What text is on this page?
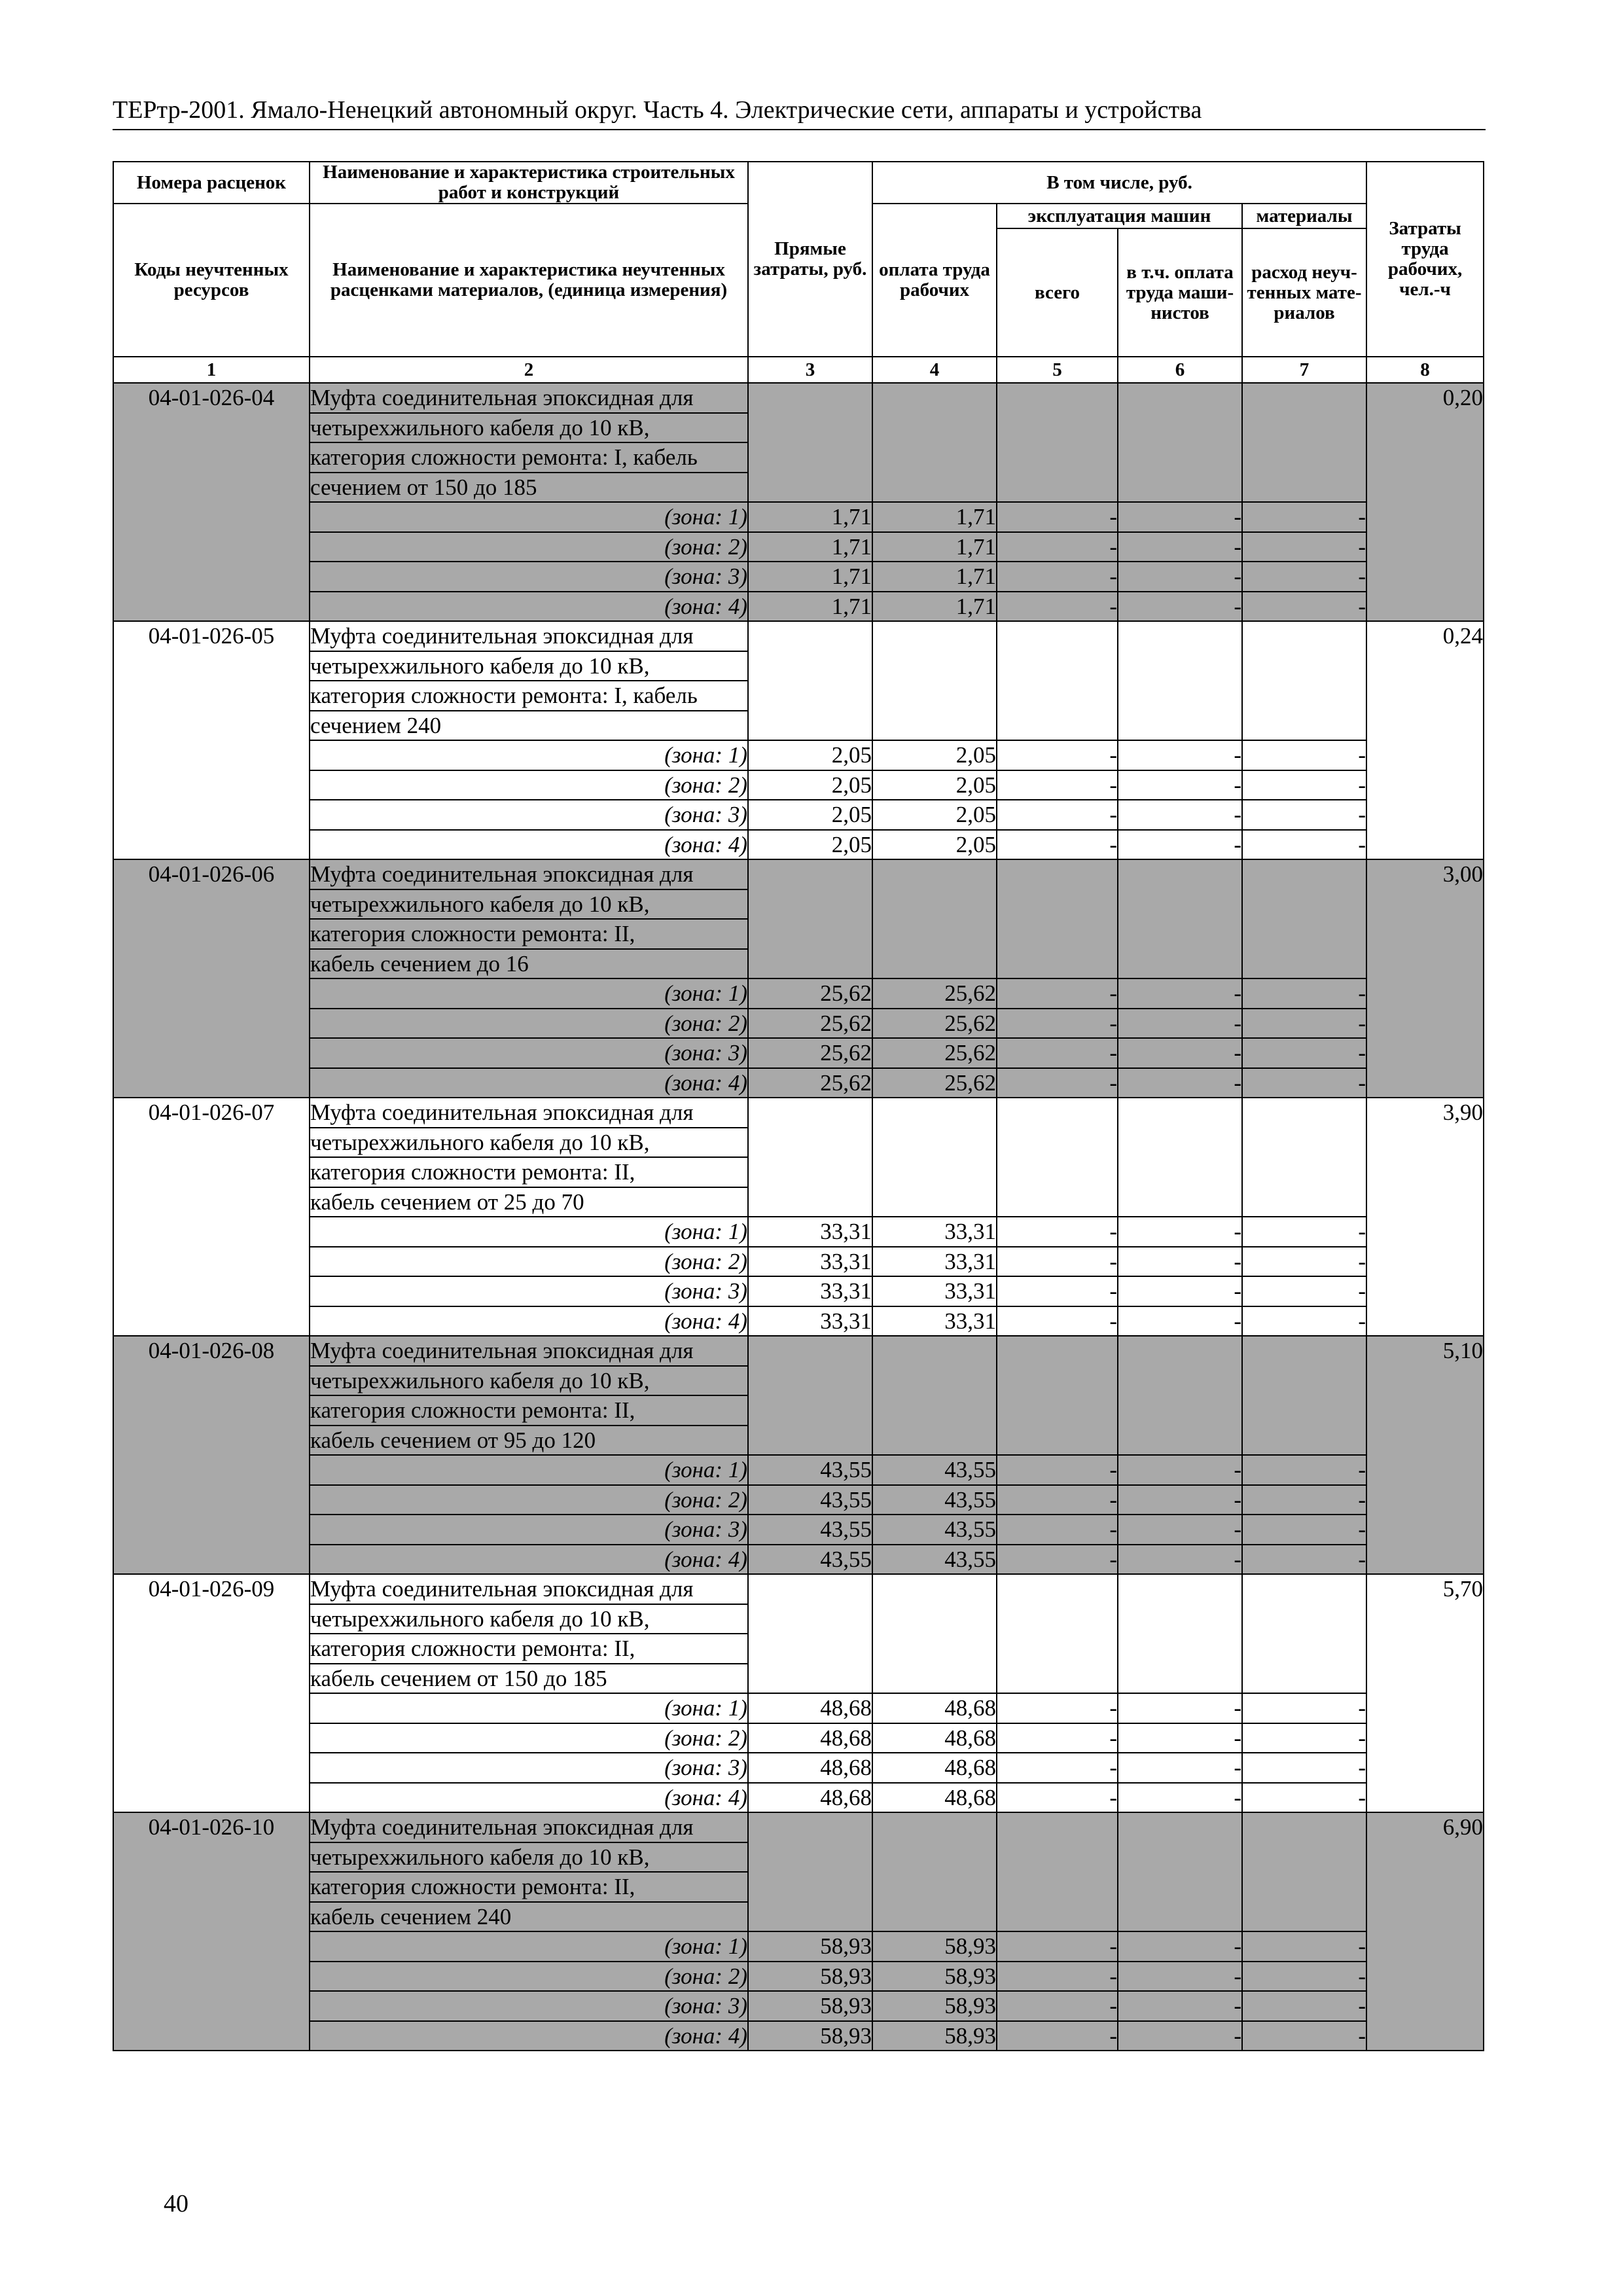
ТЕРтр-2001. Ямало-Ненецкий автономный округ. Часть 4. Электрические сети, аппараты и устройства
Номера расценок	Наименование и характеристика строительных работ и конструкций	Прямые затраты, руб.	В том числе, руб.				Затраты труда рабочих, чел.-ч
Коды неучтенных ресурсов	Наименование и характеристика неучтенных расценками материалов, (единица измерения)		оплата труда рабочих	эксплуатация машин		материалы	
				всего	в т.ч. оплата труда маши-нистов	расход неуч-тенных мате-риалов	
1	2	3	4	5	6	7	8
04-01-026-04	Муфта соединительная эпоксидная для						0,20
	четырехжильного кабеля до 10 кВ,						
	категория сложности ремонта: I, кабель						
	сечением от 150 до 185						
	(зона: 1)	1,71	1,71	-	-	-	
	(зона: 2)	1,71	1,71	-	-	-	
	(зона: 3)	1,71	1,71	-	-	-	
	(зона: 4)	1,71	1,71	-	-	-	
04-01-026-05	Муфта соединительная эпоксидная для						0,24
	четырехжильного кабеля до 10 кВ,						
	категория сложности ремонта: I, кабель						
	сечением 240						
	(зона: 1)	2,05	2,05	-	-	-	
	(зона: 2)	2,05	2,05	-	-	-	
	(зона: 3)	2,05	2,05	-	-	-	
	(зона: 4)	2,05	2,05	-	-	-	
04-01-026-06	Муфта соединительная эпоксидная для						3,00
	четырехжильного кабеля до 10 кВ,						
	категория сложности ремонта: II,						
	кабель сечением до 16						
	(зона: 1)	25,62	25,62	-	-	-	
	(зона: 2)	25,62	25,62	-	-	-	
	(зона: 3)	25,62	25,62	-	-	-	
	(зона: 4)	25,62	25,62	-	-	-	
04-01-026-07	Муфта соединительная эпоксидная для						3,90
	четырехжильного кабеля до 10 кВ,						
	категория сложности ремонта: II,						
	кабель сечением от 25 до 70						
	(зона: 1)	33,31	33,31	-	-	-	
	(зона: 2)	33,31	33,31	-	-	-	
	(зона: 3)	33,31	33,31	-	-	-	
	(зона: 4)	33,31	33,31	-	-	-	
04-01-026-08	Муфта соединительная эпоксидная для						5,10
	четырехжильного кабеля до 10 кВ,						
	категория сложности ремонта: II,						
	кабель сечением от 95 до 120						
	(зона: 1)	43,55	43,55	-	-	-	
	(зона: 2)	43,55	43,55	-	-	-	
	(зона: 3)	43,55	43,55	-	-	-	
	(зона: 4)	43,55	43,55	-	-	-	
04-01-026-09	Муфта соединительная эпоксидная для						5,70
	четырехжильного кабеля до 10 кВ,						
	категория сложности ремонта: II,						
	кабель сечением от 150 до 185						
	(зона: 1)	48,68	48,68	-	-	-	
	(зона: 2)	48,68	48,68	-	-	-	
	(зона: 3)	48,68	48,68	-	-	-	
	(зона: 4)	48,68	48,68	-	-	-	
04-01-026-10	Муфта соединительная эпоксидная для						6,90
	четырехжильного кабеля до 10 кВ,						
	категория сложности ремонта: II,						
	кабель сечением 240						
	(зона: 1)	58,93	58,93	-	-	-	
	(зона: 2)	58,93	58,93	-	-	-	
	(зона: 3)	58,93	58,93	-	-	-	
	(зона: 4)	58,93	58,93	-	-	-	
40
